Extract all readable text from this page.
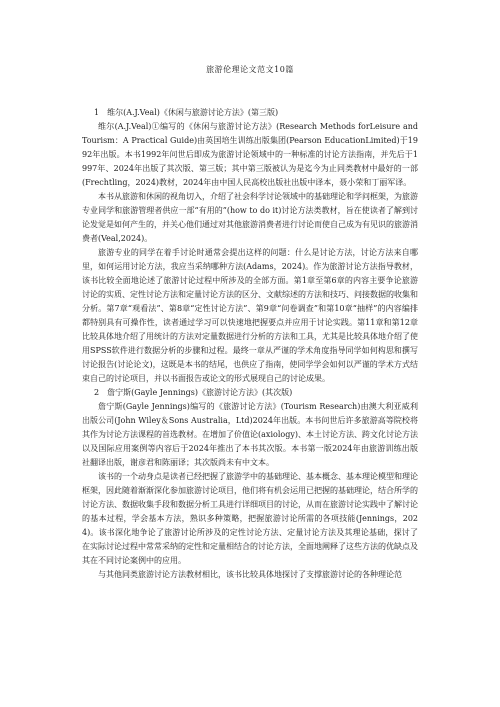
旅游伦理论文范文10篇

1　维尔(A.J.Veal)《休闲与旅游讨论方法》(第三版)

维尔(A.J.Veal)①编写的《休闲与旅游讨论方法》(Research Methods forLeisure and Tourism：A Practical Guide)由英国培生训练出版集团(Pearson EducationLimited)于1992年出版。本书1992年问世后即成为旅游讨论领域中的一种标准的讨论方法指南，并先后于1997年、2024年出版了其次版、第三版；其中第三版被认为是迄今为止同类教材中最好的一部(Frechtling，2024)教材，2024年由中国人民高校出版社出版中译本，聂小荣和丁丽军译。

本书从旅游和休闲的视角切入，介绍了社会科学讨论领域中的基础理论和学问框架，为旅游专业同学和旅游管理者供应一部“有用的”(how to do it)讨论方法类教材，旨在使读者了解到讨论发觉是如何产生的，并关心他们通过对其他旅游消费者进行讨论而使自己成为有见识的旅游消费者(Veal,2024)。

旅游专业的同学在着手讨论时通常会提出这样的问题：什么是讨论方法，讨论方法来自哪里，如何运用讨论方法，我应当采纳哪种方法(Adams，2024)。作为旅游讨论方法指导教材，该书比较全面地论述了旅游讨论过程中所涉及的全部方面。第1章至第6章的内容主要争论旅游讨论的实质、定性讨论方法和定量讨论方法的区分、文献综述的方法和技巧、问接数据的收集和分析。第7章“观看法”、第8章“定性讨论方法”、第9章“问卷调查”和第10章“抽样”的内容编排都特别具有可操作性，读者通过学习可以快速地把握要点并应用于讨论实践。第11章和第12章比较具体地介绍了用统计的方法对定量数据进行分析的方法和工具，尤其是比较具体地介绍了使用SPSS软件进行数据分析的步骤和过程。最终一章从严谨的学术角度指导同学如何构思和撰写讨论报告(讨论论文)，这既是本书的结尾，也供应了指南，使同学学会如何以严谨的学术方式结束自己的讨论项目，并以书面报告或论文的形式展现自己的讨论成果。

2　詹宁斯(Gayle Jennings)《旅游讨论方法》(其次版)

詹宁斯(Gayle Jennings)编写的《旅游讨论方法》(Tourism Research)由澳大利亚威利出版公司(John Wiley＆Sons Australia，Ltd)2024年出版。本书问世后许多旅游高等院校将其作为讨论方法课程的首选教材。在增加了价值论(axiology)、本土讨论方法、跨文化讨论方法以及国际应用案例等内容后于2024年推出了本书其次版。本书第一版2024年由旅游训练出版社翻译出版，谢彦君和陈丽译；其次版尚未有中文本。

该书的一个动身点是读者已经把握了旅游学中的基础理论、基本概念、基本理论模型和理论框架，因此随着渐渐深化参加旅游讨论项目，他们将有机会运用已把握的基础理论，结合所学的讨论方法、数据收集手段和数据分析工具进行详细项目的讨论，从而在旅游讨论实践中了解讨论的基本过程，学会基本方法，熟识多种策略，把握旅游讨论所需的各项技能(Jennings，2024)。该书深化地争论了旅游讨论所涉及的定性讨论方法、定量讨论方法及其理论基础，探讨了在实际讨论过程中常常采纳的定性和定量相结合的讨论方法，全面地阐释了这些方法的优缺点及其在不同讨论案例中的应用。

与其他同类旅游讨论方法教材相比，该书比较具体地探讨了支撑旅游讨论的各种理论范
